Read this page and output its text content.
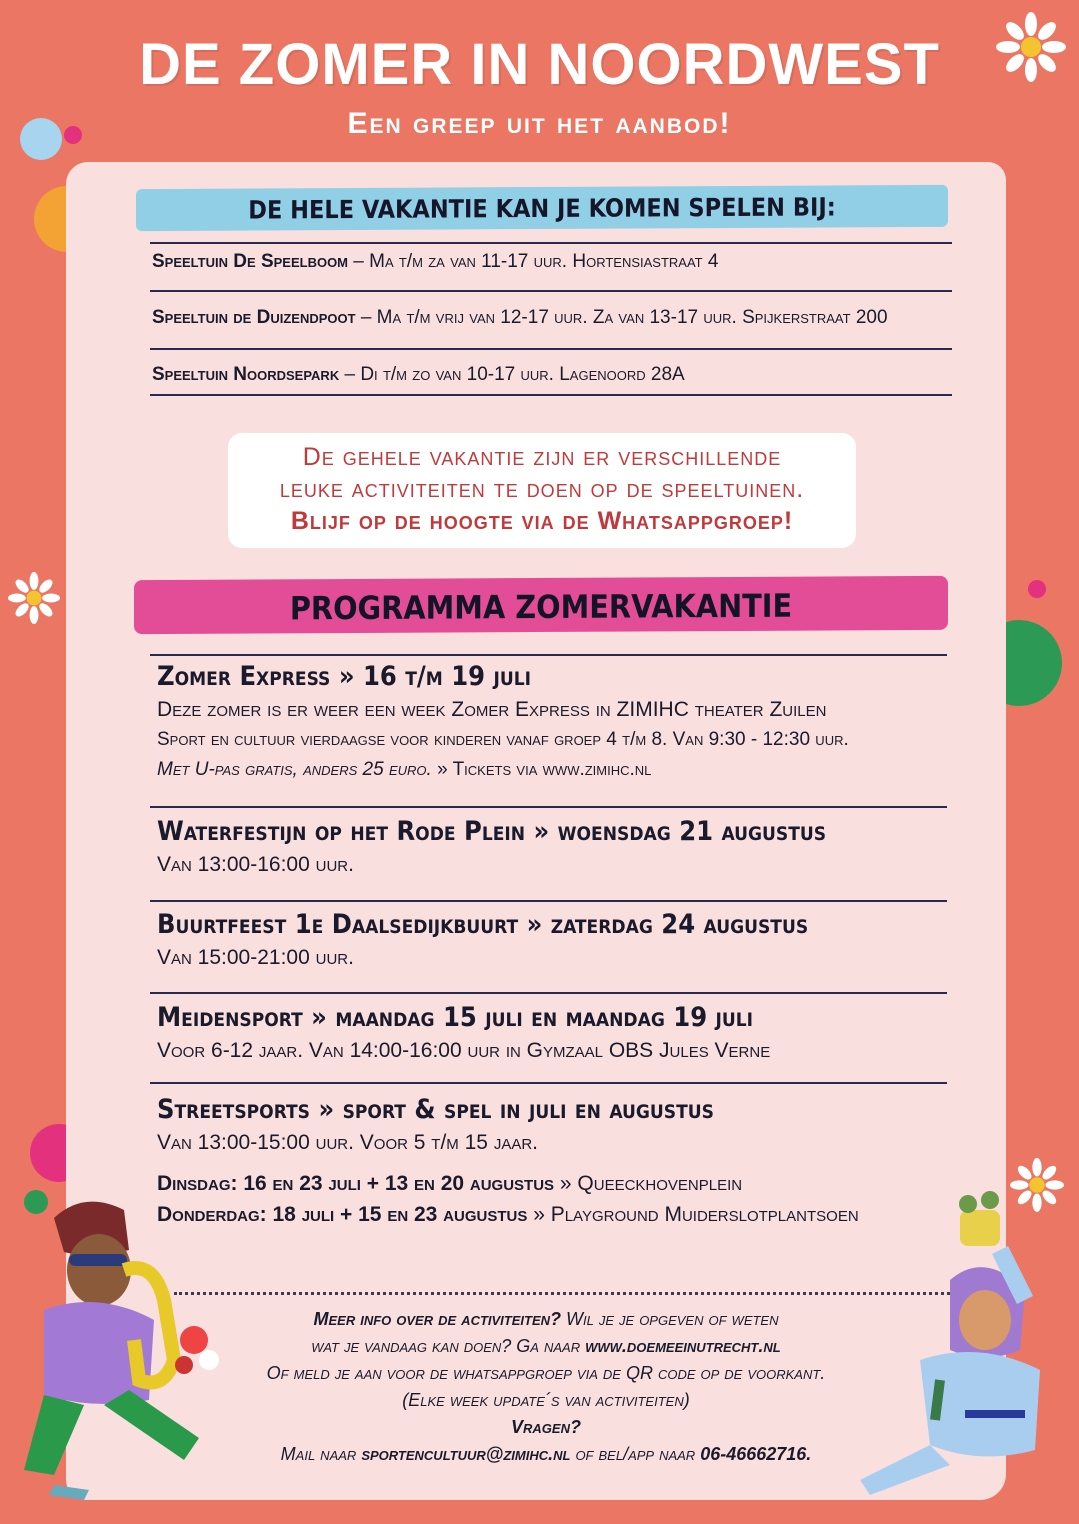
DE ZOMER IN NOORDWEST
Een greep uit het aanbod!
DE HELE VAKANTIE KAN JE KOMEN SPELEN BIJ:
Speeltuin De Speelboom – Ma t/m za van 11-17 uur. Hortensiastraat 4
Speeltuin de Duizendpoot – Ma t/m vrij van 12-17 uur. Za van 13-17 uur. Spijkerstraat 200
Speeltuin Noordsepark – Di t/m zo van 10-17 uur. Lagenoord 28A
De gehele vakantie zijn er verschillende
leuke activiteiten te doen op de speeltuinen.
Blijf op de hoogte via de Whatsappgroep!
PROGRAMMA ZOMERVAKANTIE
Zomer Express » 16 t/m 19 juli
Deze zomer is er weer een week Zomer Express in ZIMIHC theater Zuilen
Sport en cultuur vierdaagse voor kinderen vanaf groep 4 t/m 8. Van 9:30 - 12:30 uur.
Met U-pas gratis, anders 25 euro. » Tickets via www.zimihc.nl
Waterfestijn op het Rode Plein » woensdag 21 augustus
Van 13:00-16:00 uur.
Buurtfeest 1e Daalsedijkbuurt » zaterdag 24 augustus
Van 15:00-21:00 uur.
Meidensport » maandag 15 juli en maandag 19 juli
Voor 6-12 jaar. Van 14:00-16:00 uur in Gymzaal OBS Jules Verne
Streetsports » sport & spel in juli en augustus
Van 13:00-15:00 uur. Voor 5 t/m 15 jaar.
Dinsdag: 16 en 23 juli + 13 en 20 augustus » Queeckhovenplein
Donderdag: 18 juli + 15 en 23 augustus » Playground Muiderslotplantsoen
Meer info over de activiteiten? Wil je je opgeven of weten
wat je vandaag kan doen? Ga naar www.doemeeinutrecht.nl
Of meld je aan voor de whatsappgroep via de QR code op de voorkant.
(Elke week update´s van activiteiten)
Vragen?
Mail naar sportencultuur@zimihc.nl of bel/app naar 06-46662716.
